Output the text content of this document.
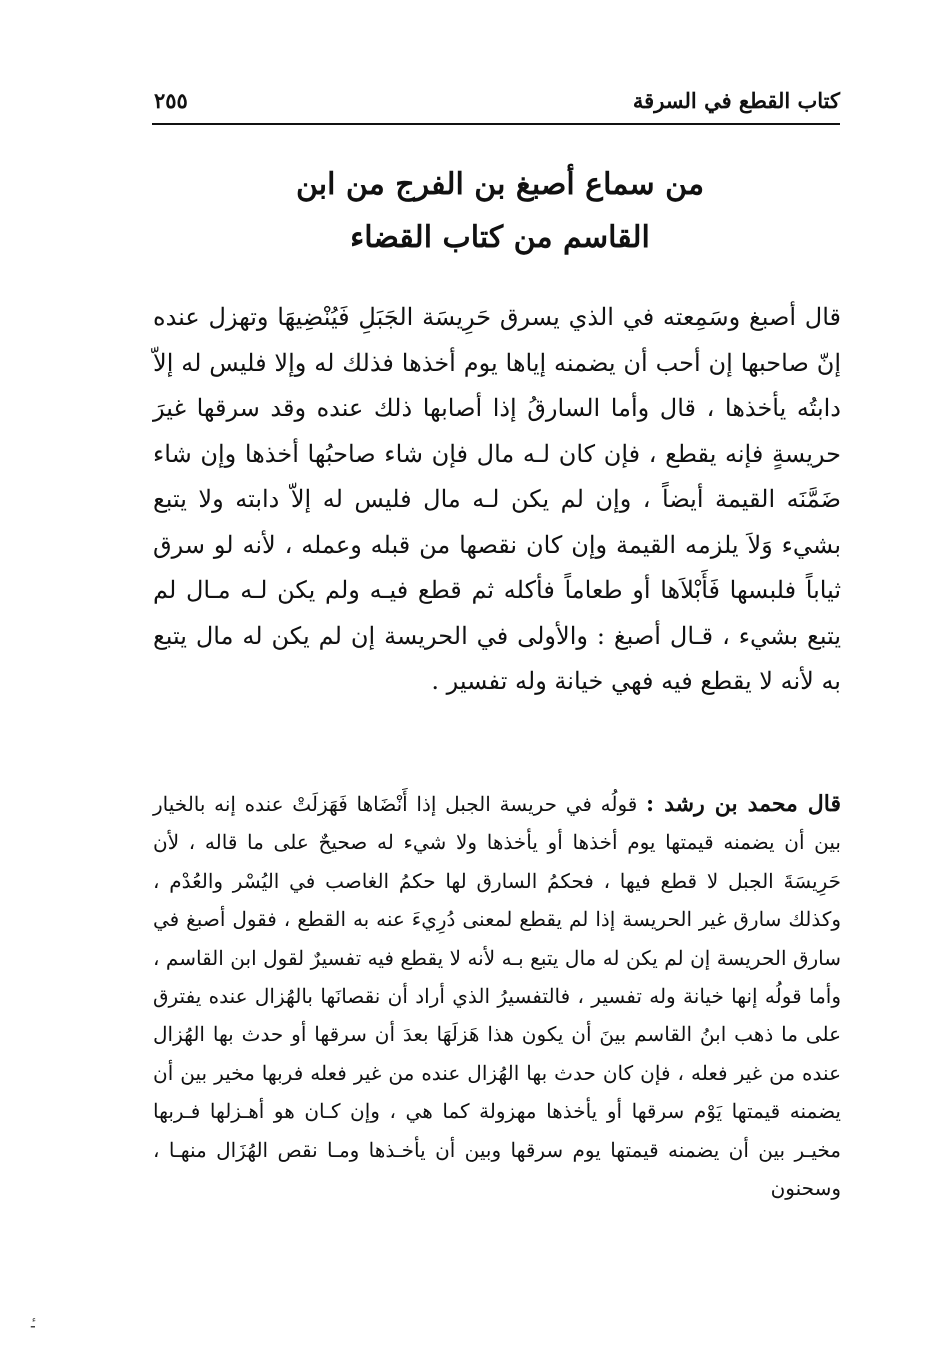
كتاب القطع في السرقة
٢٥٥
من سماع أصبغ بن الفرج من ابن
القاسم من كتاب القضاء

قال أصبغ وسَمِعته في الذي يسرق حَرِيسَة الجَبَلِ فَيُنْضِيهَا وتهزل عنده إنّ صاحبها إن أحب أن يضمنه إياها يوم أخذها فذلك له وإلا فليس له إلاّ دابتُه يأخذها ، قال وأما السارقُ إذا أصابها ذلك عنده وقد سرقها غيرَ حريسةٍ فإنه يقطع ، فإن كان لـه مال فإن شاء صاحبُها أخذها وإن شاء ضَمَّنَه القيمة أيضاً ، وإن لم يكن لـه مال فليس له إلاّ دابته ولا يتبع بشيء وَلاَ يلزمه القيمة وإن كان نقصها من قبله وعمله ، لأنه لو سرق ثياباً فلبسها فَأَبْلاَها أو طعاماً فأكله ثم قطع فيـه ولم يكن لـه مـال لم يتبع بشيء ، قـال أصبغ : والأولى في الحريسة إن لم يكن له مال يتبع به لأنه لا يقطع فيه فهي خيانة وله تفسير .

قال محمد بن رشد : قولُه في حريسة الجبل إذا أَنْضَاها فَهَزلَتْ عنده إنه بالخيار بين أن يضمنه قيمتها يوم أخذها أو يأخذها ولا شيء له صحيحٌ على ما قاله ، لأن حَرِيسَةَ الجبل لا قطع فيها ، فحكمُ السارق لها حكمُ الغاصب في اليُسْر والعُدْم ، وكذلك سارق غير الحريسة إذا لم يقطع لمعنى دُرِيءَ عنه به القطع ، فقول أصبغ في سارق الحريسة إن لم يكن له مال يتبع بـه لأنه لا يقطع فيه تفسيرٌ لقول ابن القاسم ، وأما قولُه إنها خيانة وله تفسير ، فالتفسيرُ الذي أراد أن نقصانَها بالهُزال عنده يفترق على ما ذهب ابنُ القاسم بينَ أن يكون هذا هَزلَهَا بعدَ أن سرقها أو حدث بها الهُزال عنده من غير فعله ، فإن كان حدث بها الهُزال عنده من غير فعله فربها مخير بين أن يضمنه قيمتها يَوْم سرقها أو يأخذها مهزولة كما هي ، وإن كـان هو أهـزلها فـربها مخيـر بين أن يضمنه قيمتها يوم سرقها وبين أن يأخـذها ومـا نقص الهُزَال منهـا ، وسحنون

-ٔ
